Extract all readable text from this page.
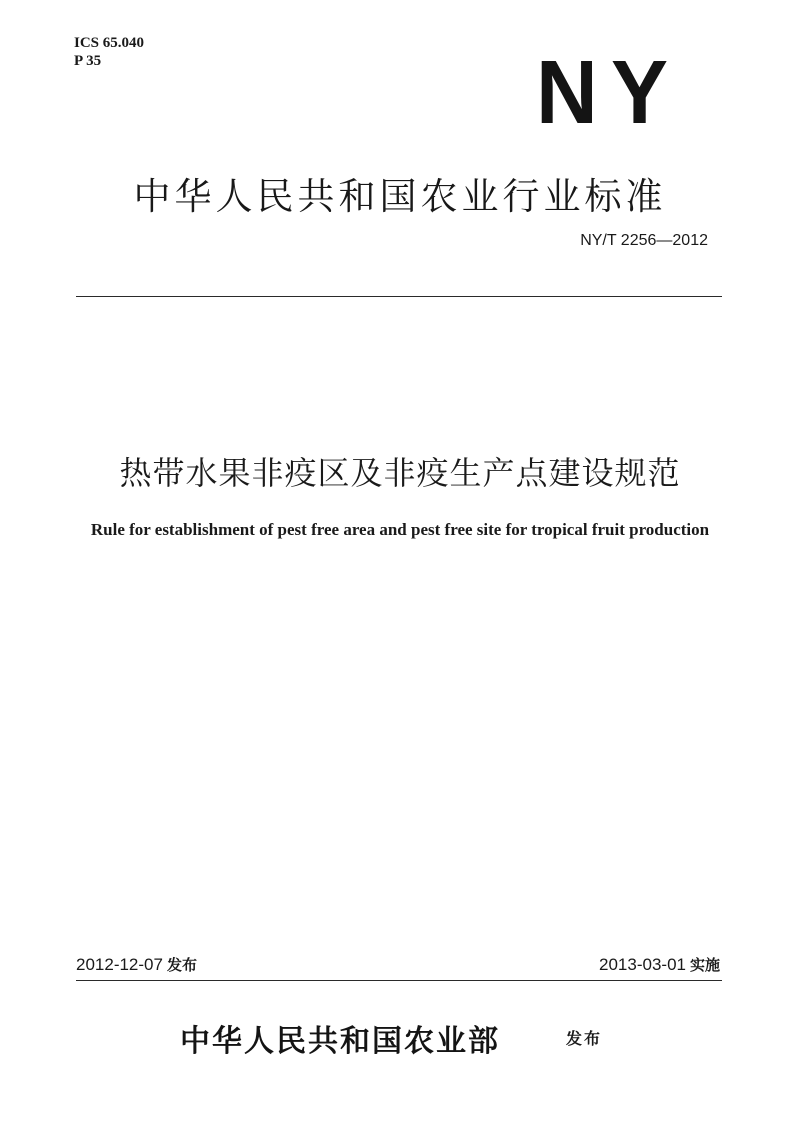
ICS 65.040
P 35	NY
中华人民共和国农业行业标准
NY/T 2256—2012
热带水果非疫区及非疫生产点建设规范
Rule for establishment of pest free area and pest free site for tropical fruit production
2012-12-07 发布	2013-03-01 实施
中华人民共和国农业部	发布
